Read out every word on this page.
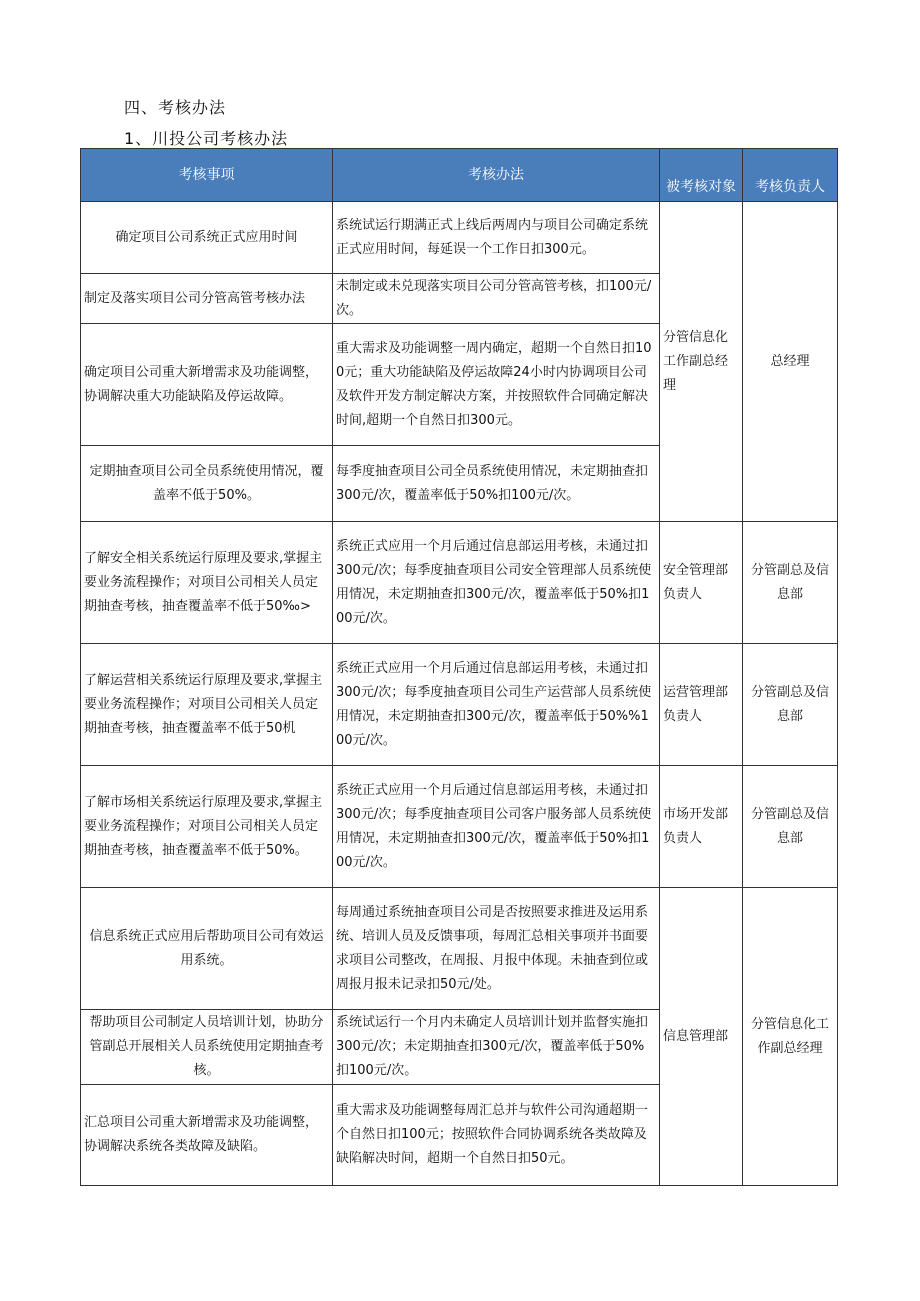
四、考核办法
1、川投公司考核办法
考核事项	考核办法	被考核对象	考核负责人
确定项目公司系统正式应用时间	系统试运行期满正式上线后两周内与项目公司确定系统正式应用时间，每延误一个工作日扣300元。	分管信息化工作副总经理	总经理
制定及落实项目公司分管高管考核办法	未制定或未兑现落实项目公司分管高管考核，扣100元/次。		
确定项目公司重大新增需求及功能调整，协调解决重大功能缺陷及停运故障。	重大需求及功能调整一周内确定，超期一个自然日扣100元；重大功能缺陷及停运故障24小时内协调项目公司及软件开发方制定解决方案，并按照软件合同确定解决时间,超期一个自然日扣300元。		
定期抽查项目公司全员系统使用情况，覆盖率不低于50%。	每季度抽查项目公司全员系统使用情况，未定期抽查扣300元/次，覆盖率低于50%扣100元/次。		
了解安全相关系统运行原理及要求,掌握主要业务流程操作；对项目公司相关人员定期抽查考核，抽查覆盖率不低于50‰>	系统正式应用一个月后通过信息部运用考核，未通过扣300元/次；每季度抽查项目公司安全管理部人员系统使用情况，未定期抽查扣300元/次，覆盖率低于50%扣100元/次。	安全管理部负责人	分管副总及信息部
了解运营相关系统运行原理及要求,掌握主要业务流程操作；对项目公司相关人员定期抽查考核，抽查覆盖率不低于50机	系统正式应用一个月后通过信息部运用考核，未通过扣300元/次；每季度抽查项目公司生产运营部人员系统使用情况，未定期抽查扣300元/次，覆盖率低于50%%100元/次。	运营管理部负责人	分管副总及信息部
了解市场相关系统运行原理及要求,掌握主要业务流程操作；对项目公司相关人员定期抽查考核，抽查覆盖率不低于50%。	系统正式应用一个月后通过信息部运用考核，未通过扣300元/次；每季度抽查项目公司客户服务部人员系统使用情况，未定期抽查扣300元/次，覆盖率低于50%扣100元/次。	市场开发部负责人	分管副总及信息部
信息系统正式应用后帮助项目公司有效运用系统。	每周通过系统抽查项目公司是否按照要求推进及运用系统、培训人员及反馈事项，每周汇总相关事项并书面要求项目公司整改，在周报、月报中体现。未抽查到位或周报月报未记录扣50元/处。	信息管理部	分管信息化工作副总经理
帮助项目公司制定人员培训计划，协助分管副总开展相关人员系统使用定期抽查考核。	系统试运行一个月内未确定人员培训计划并监督实施扣300元/次；未定期抽查扣300元/次，覆盖率低于50%扣100元/次。		
汇总项目公司重大新增需求及功能调整，协调解决系统各类故障及缺陷。	重大需求及功能调整每周汇总并与软件公司沟通超期一个自然日扣100元；按照软件合同协调系统各类故障及缺陷解决时间，超期一个自然日扣50元。		
